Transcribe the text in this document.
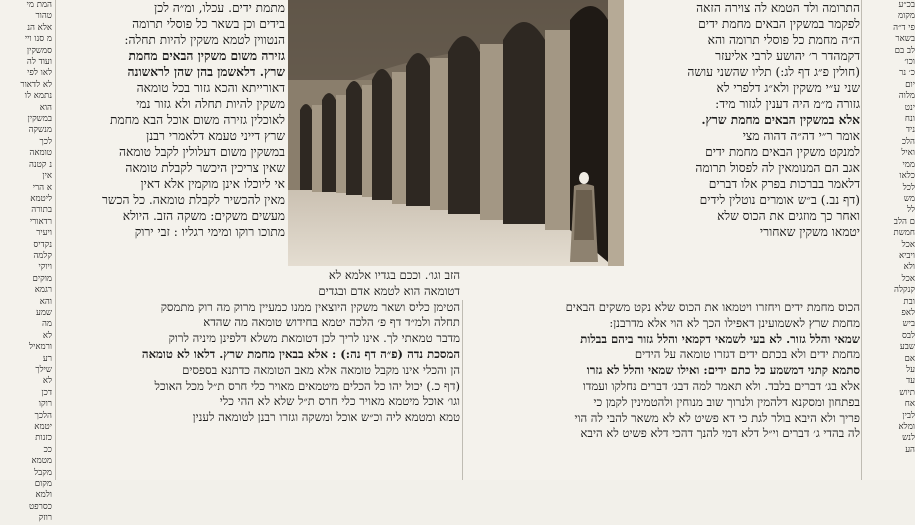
המת מי
טהור
אלא הנ
מ סנו ויי
סמשקין
ועוד לה
לאו לפי
לא לדאור
נתמא לו
הוא
במשקין
מנשקה
לכך
טומאה
נ קטנה
אין
א הרי
ליטמא
בתורה
רדאורי
ויעיר
נקדיס
קלמה
ויוקי
מוקים
רגמא
והא
שמע
מה
לא
ורמאיל
רע
שילך
לא
דכן
רוקו
הלכך
יטמא
כזנות
ככ
מטמא
מקבל
מקום
ולמא
כסרפט
רוזק
מתמת ידים. עכלו, ומ״ה לכן
בידים וכן בשאר כל פוסלי תרומה
הנטווין לטמא משקין להיות תחלה:
גזירה משום משקין הבאים מחמת
שרץ. דלאשמן בהן שהן לראשונה
דאורייתא והכא גזור בכל טומאה
משקין להיות תחלה ולא גזור נמי
לאוכלין גזירה משום אוכל הבא מחמת
שרץ דייני טעמא דלאמרי רבנן
במשקין משום דעלולין לקבל טומאה
שאין צריכין היכשר לקבלת טומאה
אי ליוכלו אינן מוקמין אלא דאין
מאין להכשיר לקבלת טומאה. כל הכשר
מעשים משקים: משקה הזב. היולא
מתוכו רוקו ומימי רגליו : זבי ירוק
התרומה ולד הטמא לה צוירה הזאה
לפקמר במשקין הבאים מחמת ידים
ה״ה מחמת כל פוסלי תרומה והא
דקמהדר ר׳ יהושע לרבי אליעזר
(חולין פ״ג דף לג:) תליו שהשני עושה
שני ע״י משקין ולא״ג דלפרי לא
גזורה מ״מ היה דענין לגזור מיד:
אלא במשקין הבאים מחמת שרץ.
אומר ר״י דה״ה דהוה מצי
למנקט משקין הבאים מחמת ידים
אגב הם המנומאין לה לפסול תרומה
דלאמר בברכות בפרק אלו דברים
(דף נב.) ב״ש אומרים נוטלין לידים
ואחר כך מוזגים את הכוס שלא
יטמאו משקין שאחורי
בכ״ע
מקומ
פי ד״ה
בשאר
לב בם
וכו׳
כ׳ נר
יום
מלוה
ינט
ונח
ניד
הלכ
ואיל
ממי
כלאו
לכל
מש
לל
ם הלב
חמשת
אכל
ויביא
ולא
אכל
קנקלה
ובת
לאפ
ביש
לבס
שבע
אם
על
עד
תיוש
אח
לבין
ומלא
לנש
הע
הזב וגו׳. וככם בגדיו אלמא לא
דטומאה הוא לטמא אדם ובגדים
הטימן כליס ושאר משקין היוצאין ממנו כמעיין מרוק מה רוק מתמסק
תחלה ולמ״ד דף פ׳ הלכה יטמא בחידוש טומאה מה שהדא
מדבר טמאתי לך. אינו לריך לכן דטומאת משלא דלפינן מיניה לרוק
המסכת נדה (פ״ה דף נה:) : אלא בבאין מחמת שרץ. דלאו לא טומאה
הן והכלי אינו מקבל טומאה אלא מאב הטומאה כדתנא בספסים
(דף כ.) יכול יהו כל הכלים מיטמאים מאויר כלי חרס ת״ל מכל האוכל
וגו׳ אוכל מיטמא מאויר כלי חרס ת״ל שלא לא ההי כלי
טמא ומטמא ליה וכ״ש אוכל ומשקה וגזרו רבנן לטומאה לענין
הכוס מחמת ידים ויחזרו ויטמאו את הכוס שלא נקט משקים הבאים
מחמת שרץ לאשמועינן דאפילו הכך לא הוי אלא מדרבנן:
שמאי והלל גזור. לא בעי לשמאי דקמאי והלל גזור ביהם בבלות
מחמת ידים ולא בכתם ידים דגזרו טומאה על הידים
סתמא קתני דמשמע כל כתם ידים: ואילו שמאי והלל לא גזרו
אלא בג׳ דברים בלבד. ולא תאמר למה דבג׳ דברים נחלקו ועמדו
בפתחון ומסקנא דלהמין ולנרוך שוב מנוחין ולהטמינין לקמן כי
פריך ולא היבא בולר לגת כי דא פשיט לא לא משאר להבי לה הוי
לה בהדי ג׳ דברים וי״ל דלא דמי להנך דהכי דלא פשיט לא היבא
